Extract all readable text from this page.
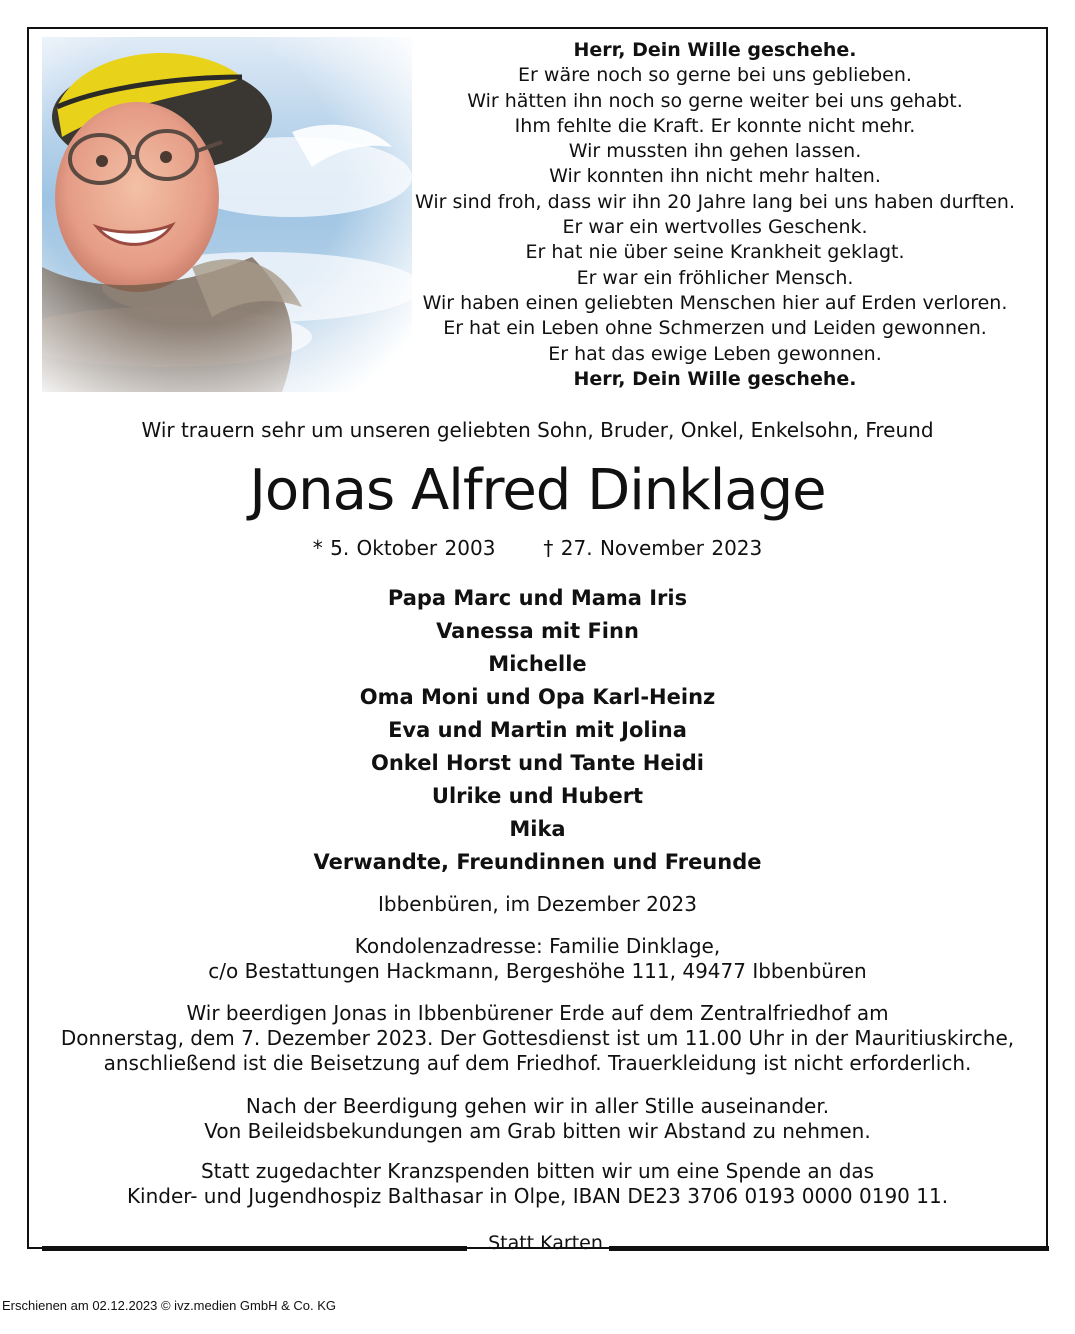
Herr, Dein Wille geschehe.
Er wäre noch so gerne bei uns geblieben.
Wir hätten ihn noch so gerne weiter bei uns gehabt.
Ihm fehlte die Kraft. Er konnte nicht mehr.
Wir mussten ihn gehen lassen.
Wir konnten ihn nicht mehr halten.
Wir sind froh, dass wir ihn 20 Jahre lang bei uns haben durften.
Er war ein wertvolles Geschenk.
Er hat nie über seine Krankheit geklagt.
Er war ein fröhlicher Mensch.
Wir haben einen geliebten Menschen hier auf Erden verloren.
Er hat ein Leben ohne Schmerzen und Leiden gewonnen.
Er hat das ewige Leben gewonnen.
Herr, Dein Wille geschehe.
Wir trauern sehr um unseren geliebten Sohn, Bruder, Onkel, Enkelsohn, Freund
Jonas Alfred Dinklage
* 5. Oktober 2003 † 27. November 2023
Papa Marc und Mama Iris
Vanessa mit Finn
Michelle
Oma Moni und Opa Karl-Heinz
Eva und Martin mit Jolina
Onkel Horst und Tante Heidi
Ulrike und Hubert
Mika
Verwandte, Freundinnen und Freunde
Ibbenbüren, im Dezember 2023
Kondolenzadresse: Familie Dinklage,
c/o Bestattungen Hackmann, Bergeshöhe 111, 49477 Ibbenbüren
Wir beerdigen Jonas in Ibbenbürener Erde auf dem Zentralfriedhof am
Donnerstag, dem 7. Dezember 2023. Der Gottesdienst ist um 11.00 Uhr in der Mauritiuskirche,
anschließend ist die Beisetzung auf dem Friedhof. Trauerkleidung ist nicht erforderlich.
Nach der Beerdigung gehen wir in aller Stille auseinander.
Von Beileidsbekundungen am Grab bitten wir Abstand zu nehmen.
Statt zugedachter Kranzspenden bitten wir um eine Spende an das
Kinder- und Jugendhospiz Balthasar in Olpe, IBAN DE23 3706 0193 0000 0190 11.
Statt Karten
Erschienen am 02.12.2023 © ivz.medien GmbH & Co. KG
